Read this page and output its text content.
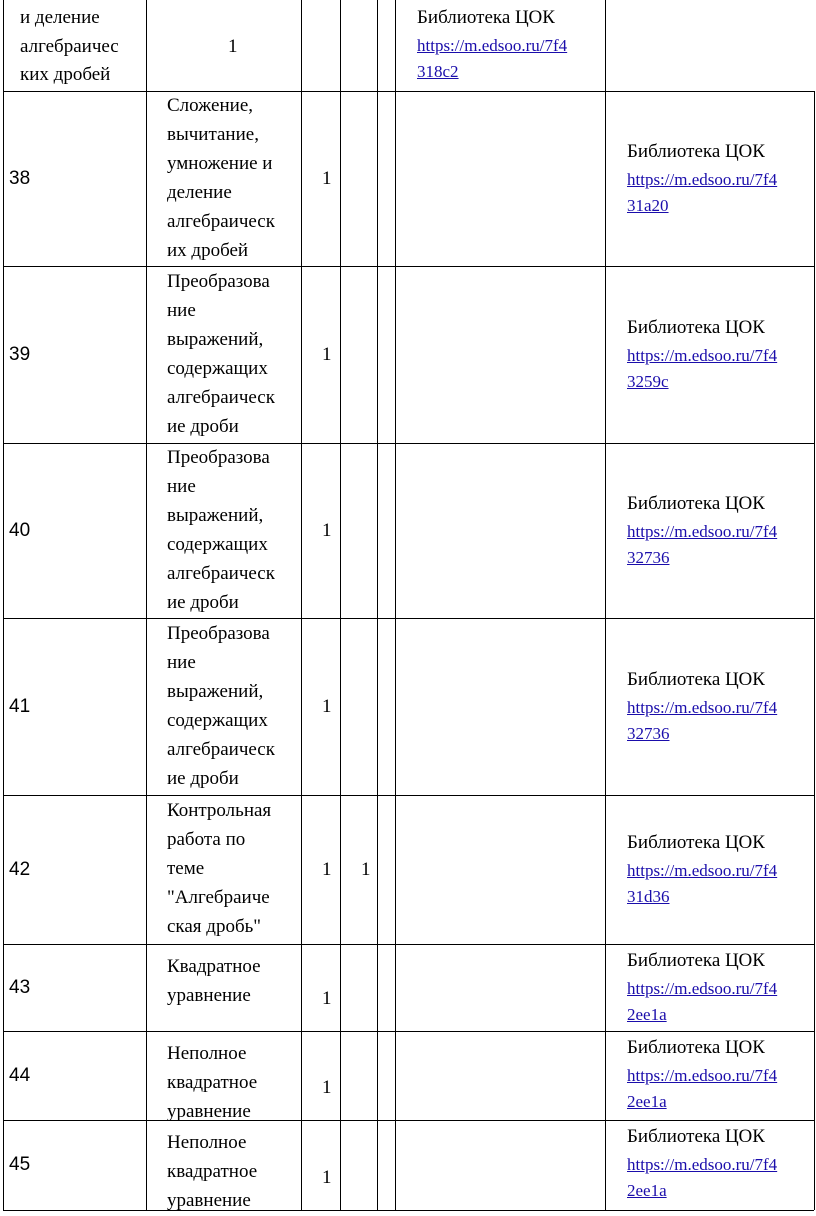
и деление
алгебраичес
ких дробей
1
Библиотека ЦОК
https://m.edsoo.ru/7f4
318c2
38
Сложение,
вычитание,
умножение и
деление
алгебраическ
их дробей
1
Библиотека ЦОК
https://m.edsoo.ru/7f4
31a20
39
Преобразова
ние
выражений,
содержащих
алгебраическ
ие дроби
1
Библиотека ЦОК
https://m.edsoo.ru/7f4
3259c
40
Преобразова
ние
выражений,
содержащих
алгебраическ
ие дроби
1
Библиотека ЦОК
https://m.edsoo.ru/7f4
32736
41
Преобразова
ние
выражений,
содержащих
алгебраическ
ие дроби
1
Библиотека ЦОК
https://m.edsoo.ru/7f4
32736
42
Контрольная
работа по
теме
"Алгебраиче
ская дробь"
1 1
Библиотека ЦОК
https://m.edsoo.ru/7f4
31d36
43
Квадратное
уравнение	1
Библиотека ЦОК
https://m.edsoo.ru/7f4
2ee1a
44
Неполное
квадратное
уравнение
1
Библиотека ЦОК
https://m.edsoo.ru/7f4
2ee1a
45
Неполное
квадратное
уравнение
1
Библиотека ЦОК
https://m.edsoo.ru/7f4
2ee1a
